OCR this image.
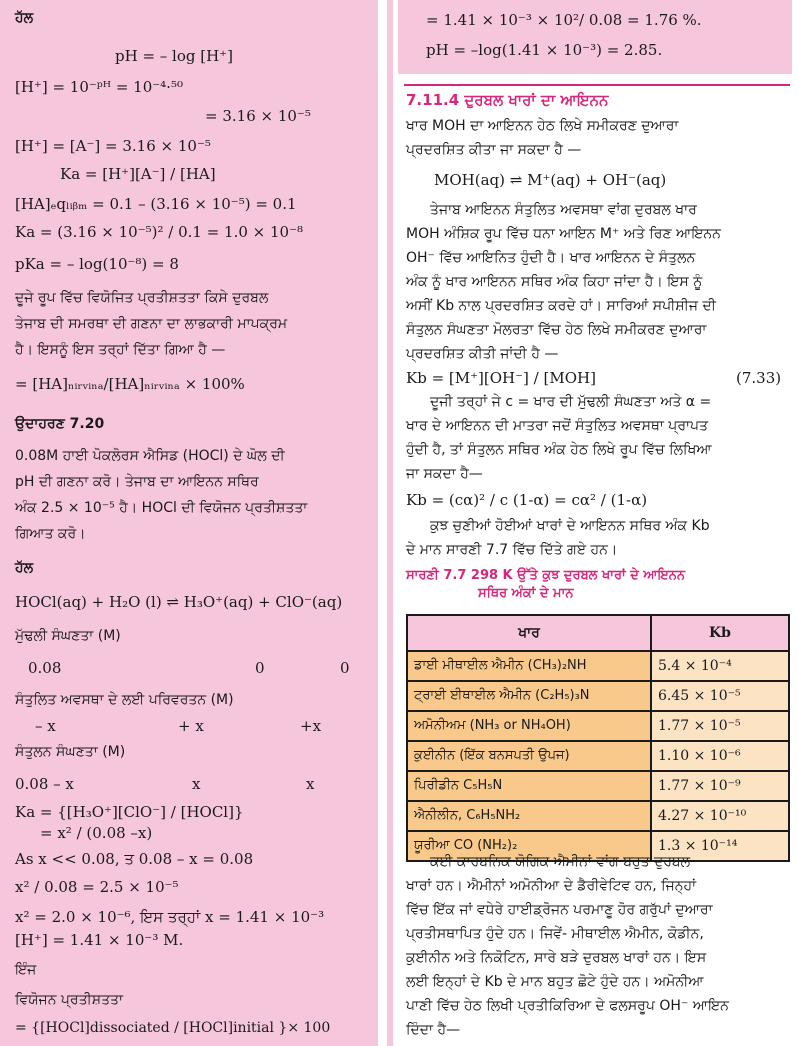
ਹੱਲ
pH = – log [H⁺]
[H⁺] = 10⁻ᵖᴴ = 10⁻⁴·⁵⁰
= 3.16 × 10⁻⁵
[H⁺] = [A⁻] = 3.16 × 10⁻⁵
Ka = [H⁺][A⁻] / [HA]
[HA]ₑqₗᵢᵦₘ = 0.1 – (3.16 × 10⁻⁵) = 0.1
Ka = (3.16 × 10⁻⁵)² / 0.1 = 1.0 × 10⁻⁸
pKa = – log(10⁻⁸) = 8
ਦੂਜੇ ਰੂਪ ਵਿੱਚ ਵਿਯੋਜਿਤ ਪ੍ਰਤੀਸ਼ਤਤਾ ਕਿਸੇ ਦੁਰਬਲ
ਤੇਜਾਬ ਦੀ ਸਮਰਥਾ ਦੀ ਗਣਨਾ ਦਾ ਲਾਭਕਾਰੀ ਮਾਪਕ੍ਰਮ
ਹੈ। ਇਸਨੂੰ ਇਸ ਤਰ੍ਹਾਂ ਦਿੱਤਾ ਗਿਆ ਹੈ —
= [HA]ₙᵢᵣᵥᵢₙₐ/[HA]ₙᵢᵣᵥᵢₙₐ × 100%
ਉਦਾਹਰਣ 7.20
0.08M ਹਾਈ ਪੋਕਲੋਰਸ ਐਸਿਡ (HOCl) ਦੇ ਘੋਲ ਦੀ
pH ਦੀ ਗਣਨਾ ਕਰੋ। ਤੇਜਾਬ ਦਾ ਆਇਨਨ ਸਥਿਰ
ਅੰਕ 2.5 × 10⁻⁵ ਹੈ। HOCl ਦੀ ਵਿਯੋਜਨ ਪ੍ਰਤੀਸ਼ਤਤਾ
ਗਿਆਤ ਕਰੋ।
ਹੱਲ
HOCl(aq) + H₂O (l) ⇌ H₃O⁺(aq) + ClO⁻(aq)
ਮੁੱਢਲੀ ਸੰਘਣਤਾ (M)
0.08	0	0
ਸੰਤੁਲਿਤ ਅਵਸਥਾ ਦੇ ਲਈ ਪਰਿਵਰਤਨ (M)
– x	+ x	+x
ਸੰਤੁਲਨ ਸੰਘਣਤਾ (M)
0.08 – x	x	x
Ka = {[H₃O⁺][ClO⁻] / [HOCl]}
= x² / (0.08 –x)
As x << 0.08, ਤ 0.08 – x = 0.08
x² / 0.08 = 2.5 × 10⁻⁵
x² = 2.0 × 10⁻⁶, ਇਸ ਤਰ੍ਹਾਂ x = 1.41 × 10⁻³
[H⁺] = 1.41 × 10⁻³ M.
ਇੰਜ
ਵਿਯੋਜਨ ਪ੍ਰਤੀਸ਼ਤਤਾ
= {[HOCl]dissociated / [HOCl]initial }× 100
= 1.41 × 10⁻³ × 10²/ 0.08 = 1.76 %.
pH = –log(1.41 × 10⁻³) = 2.85.
7.11.4 ਦੁਰਬਲ ਖਾਰਾਂ ਦਾ ਆਇਨਨ
ਖਾਰ MOH ਦਾ ਆਇਨਨ ਹੇਠ ਲਿਖੇ ਸਮੀਕਰਣ ਦੁਆਰਾ
ਪ੍ਰਦਰਸ਼ਿਤ ਕੀਤਾ ਜਾ ਸਕਦਾ ਹੈ —
MOH(aq) ⇌ M⁺(aq) + OH⁻(aq)
ਤੇਜਾਬ ਆਇਨਨ ਸੰਤੁਲਿਤ ਅਵਸਥਾ ਵਾਂਗ ਦੁਰਬਲ ਖਾਰ
MOH ਅੰਸ਼ਿਕ ਰੂਪ ਵਿੱਚ ਧਨਾ ਆਇਨ M⁺ ਅਤੇ ਰਿਣ ਆਇਨਨ
OH⁻ ਵਿੱਚ ਆਇਨਿਤ ਹੁੰਦੀ ਹੈ। ਖਾਰ ਆਇਨਨ ਦੇ ਸੰਤੁਲਨ
ਅੰਕ ਨੂੰ ਖਾਰ ਆਇਨਨ ਸਥਿਰ ਅੰਕ ਕਿਹਾ ਜਾਂਦਾ ਹੈ। ਇਸ ਨੂੰ
ਅਸੀਂ Kb ਨਾਲ ਪ੍ਰਦਰਸ਼ਿਤ ਕਰਦੇ ਹਾਂ। ਸਾਰਿਆਂ ਸਪੀਸ਼ੀਜ ਦੀ
ਸੰਤੁਲਨ ਸੰਘਣਤਾ ਮੋਲਰਤਾ ਵਿੱਚ ਹੇਠ ਲਿਖੇ ਸਮੀਕਰਣ ਦੁਆਰਾ
ਪ੍ਰਦਰਸ਼ਿਤ ਕੀਤੀ ਜਾਂਦੀ ਹੈ —
Kb = [M⁺][OH⁻] / [MOH]	(7.33)
ਦੂਜੀ ਤਰ੍ਹਾਂ ਜੇ c = ਖਾਰ ਦੀ ਮੁੱਢਲੀ ਸੰਘਣਤਾ ਅਤੇ α =
ਖਾਰ ਦੇ ਆਇਨਨ ਦੀ ਮਾਤਰਾ ਜਦੋਂ ਸੰਤੁਲਿਤ ਅਵਸਥਾ ਪ੍ਰਾਪਤ
ਹੁੰਦੀ ਹੈ, ਤਾਂ ਸੰਤੁਲਨ ਸਥਿਰ ਅੰਕ ਹੇਠ ਲਿਖੇ ਰੂਪ ਵਿੱਚ ਲਿਖਿਆ
ਜਾ ਸਕਦਾ ਹੈ—
Kb = (cα)² / c (1-α) = cα² / (1-α)
ਕੁਝ ਚੁਣੀਆਂ ਹੋਈਆਂ ਖਾਰਾਂ ਦੇ ਆਇਨਨ ਸਥਿਰ ਅੰਕ Kb
ਦੇ ਮਾਨ ਸਾਰਣੀ 7.7 ਵਿੱਚ ਦਿੱਤੇ ਗਏ ਹਨ।
ਸਾਰਣੀ 7.7 298 K ਉੱਤੇ ਕੁਝ ਦੁਰਬਲ ਖਾਰਾਂ ਦੇ ਆਇਨਨ
ਸਥਿਰ ਅੰਕਾਂ ਦੇ ਮਾਨ
ਖਾਰ	Kb
ਡਾਈ ਮੀਥਾਈਲ ਐਮੀਨ (CH₃)₂NH	5.4 × 10⁻⁴
ਟ੍ਰਾਈ ਈਥਾਈਲ ਐਮੀਨ (C₂H₅)₃N	6.45 × 10⁻⁵
ਅਮੋਨੀਅਮ (NH₃ or NH₄OH)	1.77 × 10⁻⁵
ਕੁਈਨੀਨ (ਇੱਕ ਬਨਸਪਤੀ ਉਪਜ)	1.10 × 10⁻⁶
ਪਿਰੀਡੀਨ C₅H₅N	1.77 × 10⁻⁹
ਐਨੀਲੀਨ, C₆H₅NH₂	4.27 × 10⁻¹⁰
ਯੂਰੀਆ CO (NH₂)₂	1.3 × 10⁻¹⁴
ਕਈ ਕਾਰਬਨਿਕ ਯੋਗਿਕ ਐਮੀਨਾਂ ਵਾਂਗ ਬਹੁਤ ਦੁਰਬਲ
ਖਾਰਾਂ ਹਨ। ਐਮੀਨਾਂ ਅਮੋਨੀਆ ਦੇ ਡੈਰੀਵੇਟਿਵ ਹਨ, ਜਿਨ੍ਹਾਂ
ਵਿੱਚ ਇੱਕ ਜਾਂ ਵਧੇਰੇ ਹਾਈਡ੍ਰੋਜਨ ਪਰਮਾਣੂ ਹੋਰ ਗਰੁੱਪਾਂ ਦੁਆਰਾ
ਪ੍ਰਤੀਸਥਾਪਿਤ ਹੁੰਦੇ ਹਨ। ਜਿਵੇਂ- ਮੀਥਾਈਲ ਐਮੀਨ, ਕੋਡੀਨ,
ਕੁਈਨੀਨ ਅਤੇ ਨਿਕੋਟਿਨ, ਸਾਰੇ ਬੜੇ ਦੁਰਬਲ ਖਾਰਾਂ ਹਨ। ਇਸ
ਲਈ ਇਨ੍ਹਾਂ ਦੇ Kb ਦੇ ਮਾਨ ਬਹੁਤ ਛੋਟੇ ਹੁੰਦੇ ਹਨ। ਅਮੋਨੀਆ
ਪਾਣੀ ਵਿੱਚ ਹੇਠ ਲਿਖੀ ਪ੍ਰਤੀਕਿਰਿਆ ਦੇ ਫਲਸਰੂਪ OH⁻ ਆਇਨ
ਦਿੰਦਾ ਹੈ—
